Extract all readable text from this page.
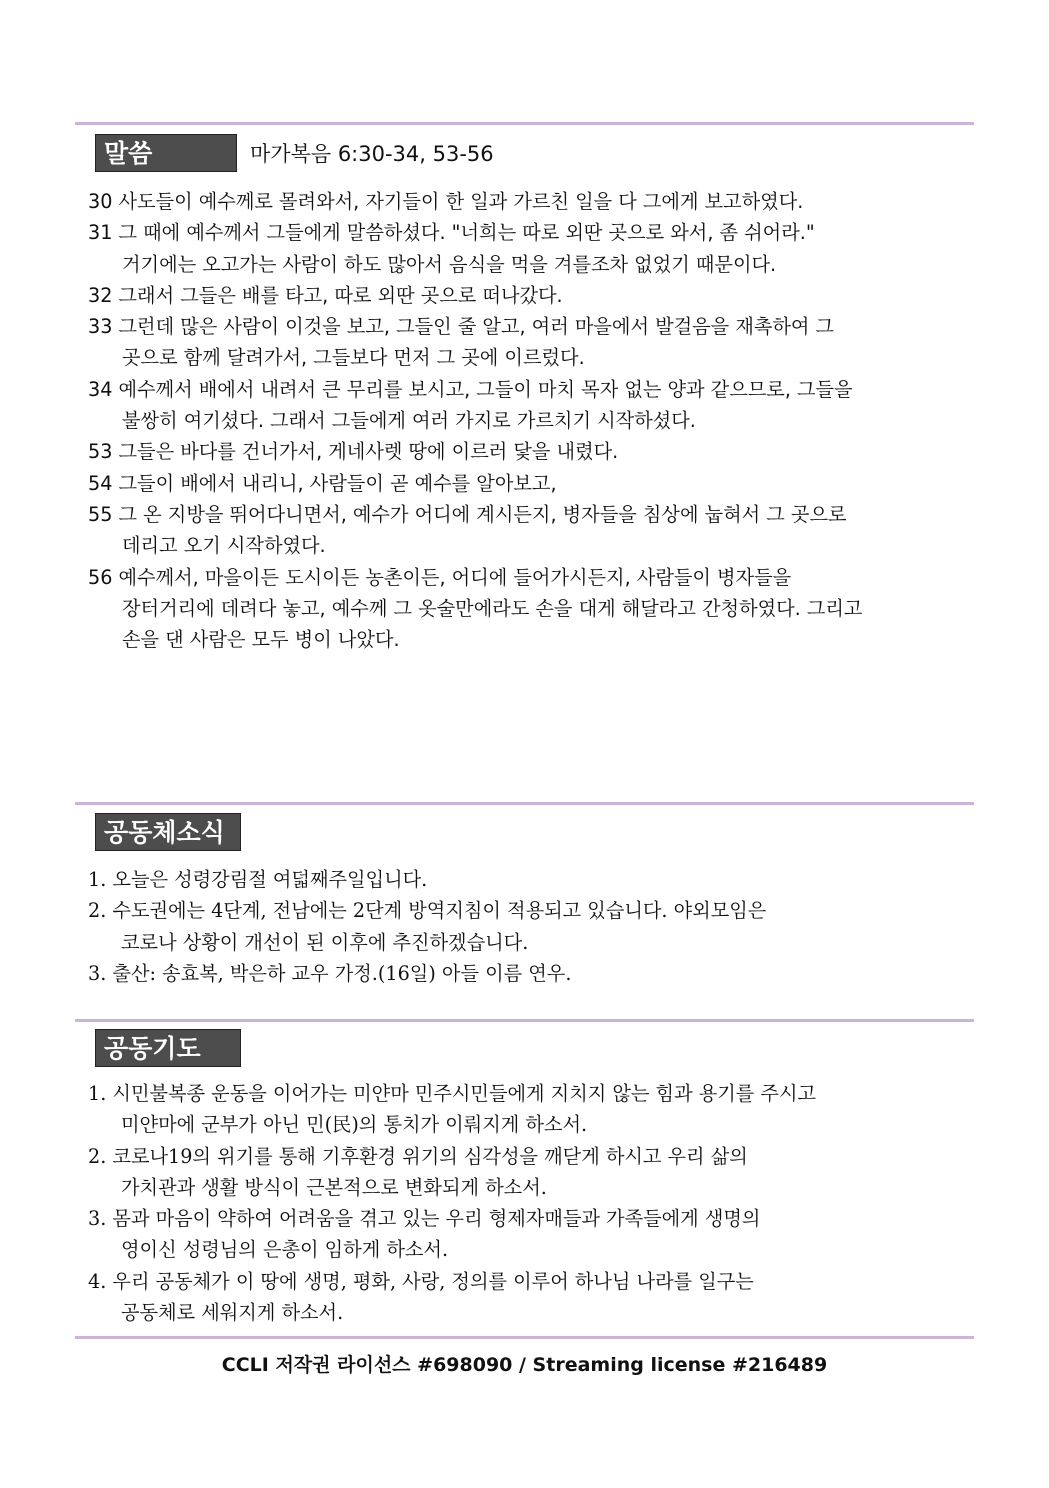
말씀	마가복음 6:30-34, 53-56
30 사도들이 예수께로 몰려와서, 자기들이 한 일과 가르친 일을 다 그에게 보고하였다.
31 그 때에 예수께서 그들에게 말씀하셨다. "너희는 따로 외딴 곳으로 와서, 좀 쉬어라."
거기에는 오고가는 사람이 하도 많아서 음식을 먹을 겨를조차 없었기 때문이다.
32 그래서 그들은 배를 타고, 따로 외딴 곳으로 떠나갔다.
33 그런데 많은 사람이 이것을 보고, 그들인 줄 알고, 여러 마을에서 발걸음을 재촉하여 그
곳으로 함께 달려가서, 그들보다 먼저 그 곳에 이르렀다.
34 예수께서 배에서 내려서 큰 무리를 보시고, 그들이 마치 목자 없는 양과 같으므로, 그들을
불쌍히 여기셨다. 그래서 그들에게 여러 가지로 가르치기 시작하셨다.
53 그들은 바다를 건너가서, 게네사렛 땅에 이르러 닻을 내렸다.
54 그들이 배에서 내리니, 사람들이 곧 예수를 알아보고,
55 그 온 지방을 뛰어다니면서, 예수가 어디에 계시든지, 병자들을 침상에 눕혀서 그 곳으로
데리고 오기 시작하였다.
56 예수께서, 마을이든 도시이든 농촌이든, 어디에 들어가시든지, 사람들이 병자들을
장터거리에 데려다 놓고, 예수께 그 옷술만에라도 손을 대게 해달라고 간청하였다. 그리고
손을 댄 사람은 모두 병이 나았다.
공동체소식
1. 오늘은 성령강림절 여덟째주일입니다.
2. 수도권에는 4단계, 전남에는 2단계 방역지침이 적용되고 있습니다. 야외모임은
코로나 상황이 개선이 된 이후에 추진하겠습니다.
3. 출산: 송효복, 박은하 교우 가정.(16일) 아들 이름 연우.
공동기도
1. 시민불복종 운동을 이어가는 미얀마 민주시민들에게 지치지 않는 힘과 용기를 주시고
미얀마에 군부가 아닌 민(民)의 통치가 이뤄지게 하소서.
2. 코로나19의 위기를 통해 기후환경 위기의 심각성을 깨닫게 하시고 우리 삶의
가치관과 생활 방식이 근본적으로 변화되게 하소서.
3. 몸과 마음이 약하여 어려움을 겪고 있는 우리 형제자매들과 가족들에게 생명의
영이신 성령님의 은총이 임하게 하소서.
4. 우리 공동체가 이 땅에 생명, 평화, 사랑, 정의를 이루어 하나님 나라를 일구는
공동체로 세워지게 하소서.
CCLI 저작권 라이선스 #698090 / Streaming license #216489
